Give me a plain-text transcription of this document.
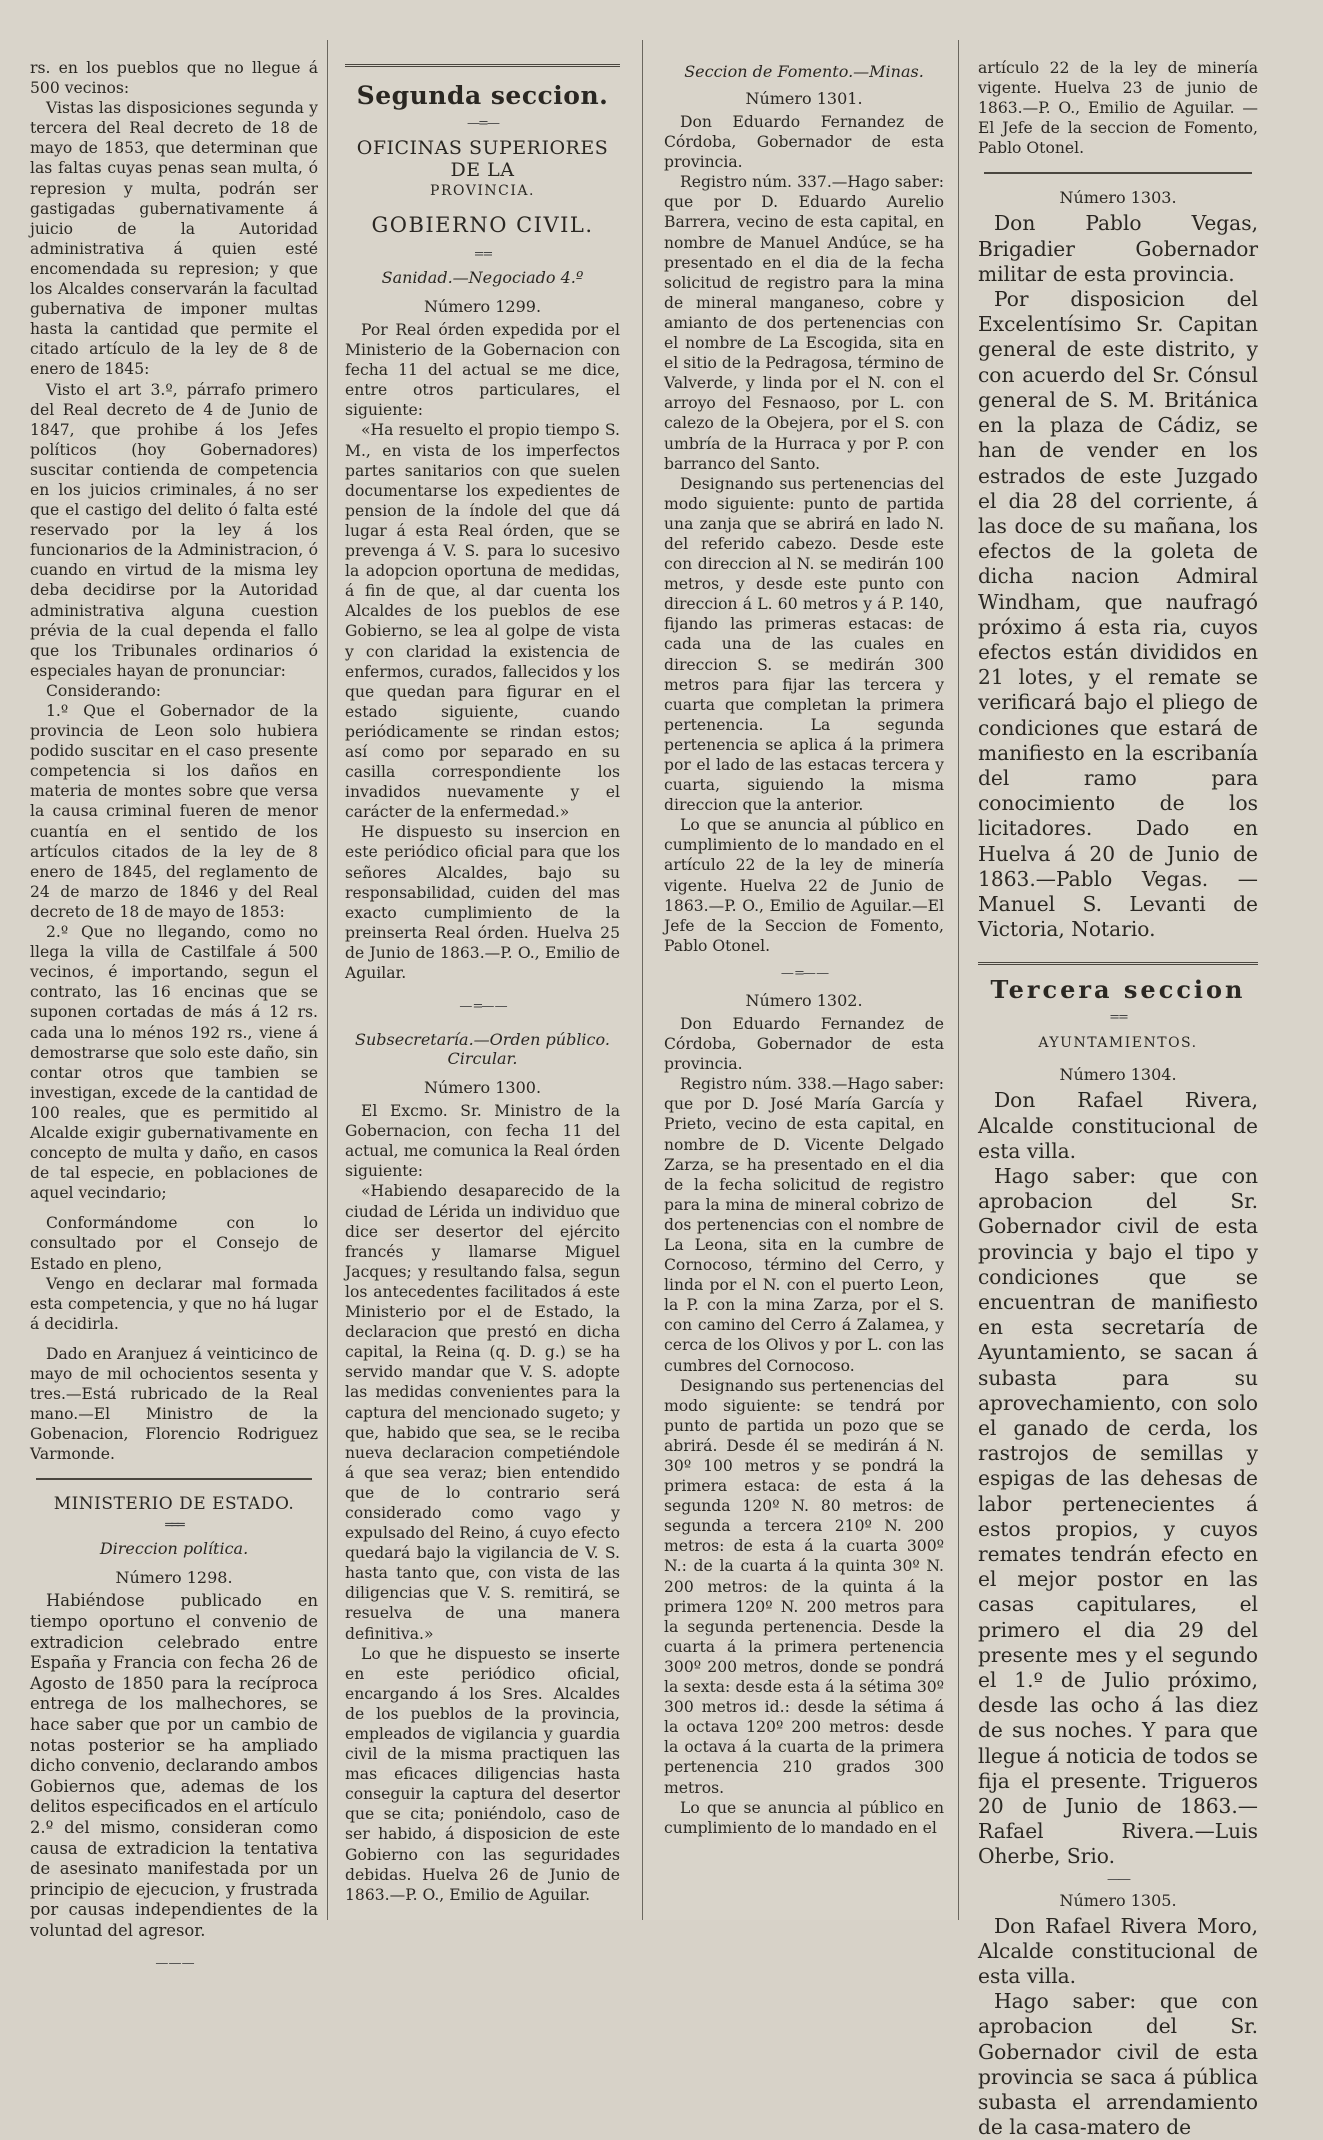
rs. en los pueblos que no llegue á 500 vecinos:

Vistas las disposiciones segunda y tercera del Real decreto de 18 de mayo de 1853, que determinan que las faltas cuyas penas sean multa, ó represion y multa, podrán ser gastigadas gubernativamente á juicio de la Autoridad administrativa á quien esté encomendada su represion; y que los Alcaldes conservarán la facultad gubernativa de imponer multas hasta la cantidad que permite el citado artículo de la ley de 8 de enero de 1845:

Visto el art 3.º, párrafo primero del Real decreto de 4 de Junio de 1847, que prohibe á los Jefes políticos (hoy Gobernadores) suscitar contienda de competencia en los juicios criminales, á no ser que el castigo del delito ó falta esté reservado por la ley á los funcionarios de la Administracion, ó cuando en virtud de la misma ley deba decidirse por la Autoridad administrativa alguna cuestion prévia de la cual dependa el fallo que los Tribunales ordinarios ó especiales hayan de pronunciar:

Considerando:

1.º Que el Gobernador de la provincia de Leon solo hubiera podido suscitar en el caso presente competencia si los daños en materia de montes sobre que versa la causa criminal fueren de menor cuantía en el sentido de los artículos citados de la ley de 8 enero de 1845, del reglamento de 24 de marzo de 1846 y del Real decreto de 18 de mayo de 1853:

2.º Que no llegando, como no llega la villa de Castilfale á 500 vecinos, é importando, segun el contrato, las 16 encinas que se suponen cortadas de más á 12 rs. cada una lo ménos 192 rs., viene á demostrarse que solo este daño, sin contar otros que tambien se investigan, excede de la cantidad de 100 reales, que es permitido al Alcalde exigir gubernativamente en concepto de multa y daño, en casos de tal especie, en poblaciones de aquel vecindario;

Conformándome con lo consultado por el Consejo de Estado en pleno,

Vengo en declarar mal formada esta competencia, y que no há lugar á decidirla.

Dado en Aranjuez á veinticinco de mayo de mil ochocientos sesenta y tres.—Está rubricado de la Real mano.—El Ministro de la Gobenacion, Florencio Rodriguez Varmonde.

MINISTERIO DE ESTADO.
═══
Direccion política.
Número 1298.

Habiéndose publicado en tiempo oportuno el convenio de extradicion celebrado entre España y Francia con fecha 26 de Agosto de 1850 para la recíproca entrega de los malhechores, se hace saber que por un cambio de notas posterior se ha ampliado dicho convenio, declarando ambos Gobiernos que, ademas de los delitos especificados en el artículo 2.º del mismo, consideran como causa de extradicion la tentativa de asesinato manifestada por un principio de ejecucion, y frustrada por causas independientes de la voluntad del agresor.

— — —
Segunda seccion.
—=—
OFICINAS SUPERIORES DE LA
PROVINCIA.
GOBIERNO CIVIL.
==
Sanidad.—Negociado 4.º
Número 1299.

Por Real órden expedida por el Ministerio de la Gobernacion con fecha 11 del actual se me dice, entre otros particulares, el siguiente:

«Ha resuelto el propio tiempo S. M., en vista de los imperfectos partes sanitarios con que suelen documentarse los expedientes de pension de la índole del que dá lugar á esta Real órden, que se prevenga á V. S. para lo sucesivo la adopcion oportuna de medidas, á fin de que, al dar cuenta los Alcaldes de los pueblos de ese Gobierno, se lea al golpe de vista y con claridad la existencia de enfermos, curados, fallecidos y los que quedan para figurar en el estado siguiente, cuando periódicamente se rindan estos; así como por separado en su casilla correspondiente los invadidos nuevamente y el carácter de la enfermedad.»

He dispuesto su insercion en este periódico oficial para que los señores Alcaldes, bajo su responsabilidad, cuiden del mas exacto cumplimiento de la preinserta Real órden. Huelva 25 de Junio de 1863.—P. O., Emilio de Aguilar.

— =— —
Subsecretaría.—Orden público. Circular.
Número 1300.

El Excmo. Sr. Ministro de la Gobernacion, con fecha 11 del actual, me comunica la Real órden siguiente:

«Habiendo desaparecido de la ciudad de Lérida un individuo que dice ser desertor del ejército francés y llamarse Miguel Jacques; y resultando falsa, segun los antecedentes facilitados á este Ministerio por el de Estado, la declaracion que prestó en dicha capital, la Reina (q. D. g.) se ha servido mandar que V. S. adopte las medidas convenientes para la captura del mencionado sugeto; y que, habido que sea, se le reciba nueva declaracion competiéndole á que sea veraz; bien entendido que de lo contrario será considerado como vago y expulsado del Reino, á cuyo efecto quedará bajo la vigilancia de V. S. hasta tanto que, con vista de las diligencias que V. S. remitirá, se resuelva de una manera definitiva.»

Lo que he dispuesto se inserte en este periódico oficial, encargando á los Sres. Alcaldes de los pueblos de la provincia, empleados de vigilancia y guardia civil de la misma practiquen las mas eficaces diligencias hasta conseguir la captura del desertor que se cita; poniéndolo, caso de ser habido, á disposicion de este Gobierno con las seguridades debidas. Huelva 26 de Junio de 1863.—P. O., Emilio de Aguilar.

Seccion de Fomento.—Minas.
Número 1301.

Don Eduardo Fernandez de Córdoba, Gobernador de esta provincia.

Registro núm. 337.—Hago saber: que por D. Eduardo Aurelio Barrera, vecino de esta capital, en nombre de Manuel Andúce, se ha presentado en el dia de la fecha solicitud de registro para la mina de mineral manganeso, cobre y amianto de dos pertenencias con el nombre de La Escogida, sita en el sitio de la Pedragosa, término de Valverde, y linda por el N. con el arroyo del Fesnaoso, por L. con calezo de la Obejera, por el S. con umbría de la Hurraca y por P. con barranco del Santo.

Designando sus pertenencias del modo siguiente: punto de partida una zanja que se abrirá en lado N. del referido cabezo. Desde este con direccion al N. se medirán 100 metros, y desde este punto con direccion á L. 60 metros y á P. 140, fijando las primeras estacas: de cada una de las cuales en direccion S. se medirán 300 metros para fijar las tercera y cuarta que completan la primera pertenencia. La segunda pertenencia se aplica á la primera por el lado de las estacas tercera y cuarta, siguiendo la misma direccion que la anterior.

Lo que se anuncia al público en cumplimiento de lo mandado en el artículo 22 de la ley de minería vigente. Huelva 22 de Junio de 1863.—P. O., Emilio de Aguilar.—El Jefe de la Seccion de Fomento, Pablo Otonel.

— =— —
Número 1302.

Don Eduardo Fernandez de Córdoba, Gobernador de esta provincia.

Registro núm. 338.—Hago saber: que por D. José María García y Prieto, vecino de esta capital, en nombre de D. Vicente Delgado Zarza, se ha presentado en el dia de la fecha solicitud de registro para la mina de mineral cobrizo de dos pertenencias con el nombre de La Leona, sita en la cumbre de Cornocoso, término del Cerro, y linda por el N. con el puerto Leon, la P. con la mina Zarza, por el S. con camino del Cerro á Zalamea, y cerca de los Olivos y por L. con las cumbres del Cornocoso.

Designando sus pertenencias del modo siguiente: se tendrá por punto de partida un pozo que se abrirá. Desde él se medirán á N. 30º 100 metros y se pondrá la primera estaca: de esta á la segunda 120º N. 80 metros: de segunda a tercera 210º N. 200 metros: de esta á la cuarta 300º N.: de la cuarta á la quinta 30º N. 200 metros: de la quinta á la primera 120º N. 200 metros para la segunda pertenencia. Desde la cuarta á la primera pertenencia 300º 200 metros, donde se pondrá la sexta: desde esta á la sétima 30º 300 metros id.: desde la sétima á la octava 120º 200 metros: desde la octava á la cuarta de la primera pertenencia 210 grados 300 metros.

Lo que se anuncia al público en cumplimiento de lo mandado en el

artículo 22 de la ley de minería vigente. Huelva 23 de junio de 1863.—P. O., Emilio de Aguilar. —El Jefe de la seccion de Fomento, Pablo Otonel.

Número 1303.

Don Pablo Vegas, Brigadier Gobernador militar de esta provincia.

Por disposicion del Excelentísimo Sr. Capitan general de este distrito, y con acuerdo del Sr. Cónsul general de S. M. Británica en la plaza de Cádiz, se han de vender en los estrados de este Juzgado el dia 28 del corriente, á las doce de su mañana, los efectos de la goleta de dicha nacion Admiral Windham, que naufragó próximo á esta ria, cuyos efectos están divididos en 21 lotes, y el remate se verificará bajo el pliego de condiciones que estará de manifiesto en la escribanía del ramo para conocimiento de los licitadores. Dado en Huelva á 20 de Junio de 1863.—Pablo Vegas. —Manuel S. Levanti de Victoria, Notario.

Tercera seccion
==
AYUNTAMIENTOS.
Número 1304.

Don Rafael Rivera, Alcalde constitucional de esta villa.

Hago saber: que con aprobacion del Sr. Gobernador civil de esta provincia y bajo el tipo y condiciones que se encuentran de manifiesto en esta secretaría de Ayuntamiento, se sacan á subasta para su aprovechamiento, con solo el ganado de cerda, los rastrojos de semillas y espigas de las dehesas de labor pertenecientes á estos propios, y cuyos remates tendrán efecto en el mejor postor en las casas capitulares, el primero el dia 29 del presente mes y el segundo el 1.º de Julio próximo, desde las ocho á las diez de sus noches. Y para que llegue á noticia de todos se fija el presente. Trigueros 20 de Junio de 1863.—Rafael Rivera.—Luis Oherbe, Srio.

——
Número 1305.

Don Rafael Rivera Moro, Alcalde constitucional de esta villa.

Hago saber: que con aprobacion del Sr. Gobernador civil de esta provincia se saca á pública subasta el arrendamiento de la casa-matero de
